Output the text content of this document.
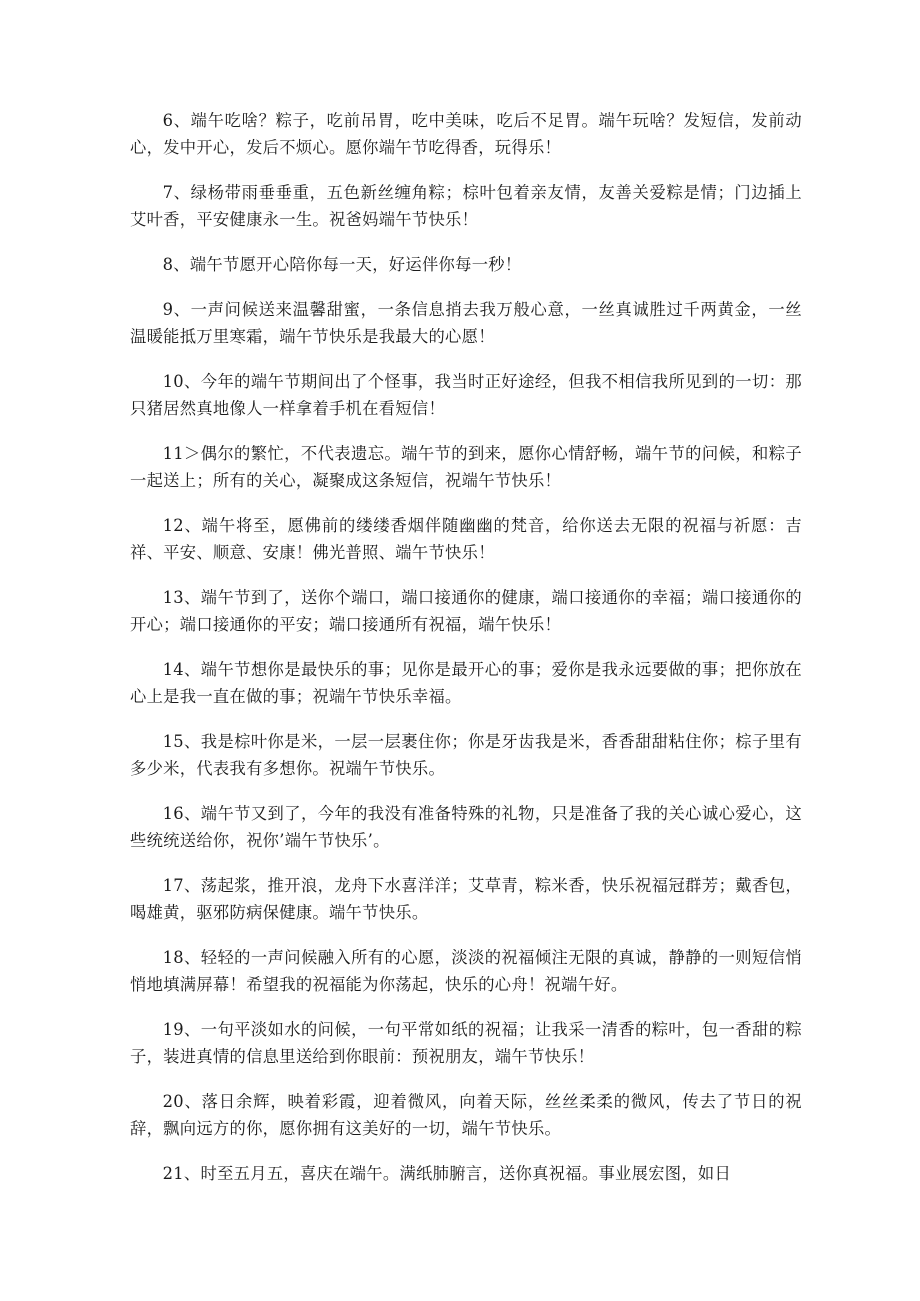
6、端午吃啥？粽子，吃前吊胃，吃中美味，吃后不足胃。端午玩啥？发短信，发前动心，发中开心，发后不烦心。愿你端午节吃得香，玩得乐！

7、绿杨带雨垂垂重，五色新丝缠角粽；棕叶包着亲友情，友善关爱粽是情；门边插上艾叶香，平安健康永一生。祝爸妈端午节快乐！

8、端午节愿开心陪你每一天，好运伴你每一秒！

9、一声问候送来温馨甜蜜，一条信息捎去我万般心意，一丝真诚胜过千两黄金，一丝温暖能抵万里寒霜，端午节快乐是我最大的心愿！

10、今年的端午节期间出了个怪事，我当时正好途经，但我不相信我所见到的一切：那只猪居然真地像人一样拿着手机在看短信！

11＞偶尔的繁忙，不代表遗忘。端午节的到来，愿你心情舒畅，端午节的问候，和粽子一起送上；所有的关心，凝聚成这条短信，祝端午节快乐！

12、端午将至，愿佛前的缕缕香烟伴随幽幽的梵音，给你送去无限的祝福与祈愿：吉祥、平安、顺意、安康！佛光普照、端午节快乐！

13、端午节到了，送你个端口，端口接通你的健康，端口接通你的幸福；端口接通你的开心；端口接通你的平安；端口接通所有祝福，端午快乐！

14、端午节想你是最快乐的事；见你是最开心的事；爱你是我永远要做的事；把你放在心上是我一直在做的事；祝端午节快乐幸福。

15、我是棕叶你是米，一层一层裹住你；你是牙齿我是米，香香甜甜粘住你；棕子里有多少米，代表我有多想你。祝端午节快乐。

16、端午节又到了，今年的我没有准备特殊的礼物，只是准备了我的关心诚心爱心，这些统统送给你，祝你’端午节快乐’。

17、荡起浆，推开浪，龙舟下水喜洋洋；艾草青，粽米香，快乐祝福冠群芳；戴香包，喝雄黄，驱邪防病保健康。端午节快乐。

18、轻轻的一声问候融入所有的心愿，淡淡的祝福倾注无限的真诚，静静的一则短信悄悄地填满屏幕！希望我的祝福能为你荡起，快乐的心舟！祝端午好。

19、一句平淡如水的问候，一句平常如纸的祝福；让我采一清香的粽叶，包一香甜的粽子，装进真情的信息里送给到你眼前：预祝朋友，端午节快乐！

20、落日余辉，映着彩霞，迎着微风，向着天际，丝丝柔柔的微风，传去了节日的祝辞，飘向远方的你，愿你拥有这美好的一切，端午节快乐。

21、时至五月五，喜庆在端午。满纸肺腑言，送你真祝福。事业展宏图，如日
